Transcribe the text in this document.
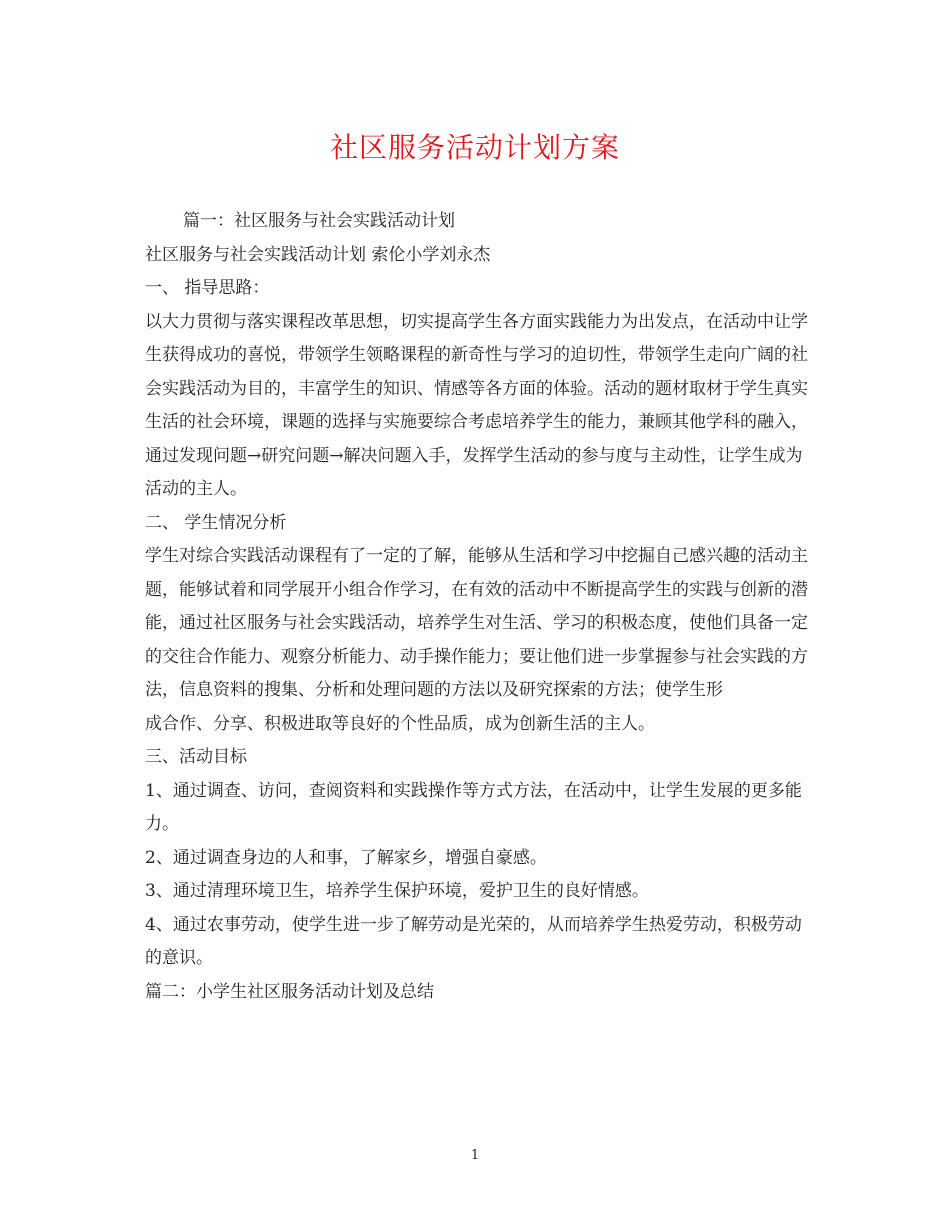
社区服务活动计划方案

篇一：社区服务与社会实践活动计划

社区服务与社会实践活动计划 索伦小学刘永杰

一、 指导思路：

以大力贯彻与落实课程改革思想，切实提高学生各方面实践能力为出发点，在活动中让学生获得成功的喜悦，带领学生领略课程的新奇性与学习的迫切性，带领学生走向广阔的社会实践活动为目的，丰富学生的知识、情感等各方面的体验。活动的题材取材于学生真实生活的社会环境，课题的选择与实施要综合考虑培养学生的能力，兼顾其他学科的融入，通过发现问题→研究问题→解决问题入手，发挥学生活动的参与度与主动性，让学生成为活动的主人。

二、 学生情况分析

学生对综合实践活动课程有了一定的了解，能够从生活和学习中挖掘自己感兴趣的活动主题，能够试着和同学展开小组合作学习，在有效的活动中不断提高学生的实践与创新的潜能，通过社区服务与社会实践活动，培养学生对生活、学习的积极态度，使他们具备一定的交往合作能力、观察分析能力、动手操作能力；要让他们进一步掌握参与社会实践的方法，信息资料的搜集、分析和处理问题的方法以及研究探索的方法；使学生形

成合作、分享、积极进取等良好的个性品质，成为创新生活的主人。

三、活动目标

1、通过调查、访问，查阅资料和实践操作等方式方法，在活动中，让学生发展的更多能力。

2、通过调查身边的人和事，了解家乡，增强自豪感。

3、通过清理环境卫生，培养学生保护环境，爱护卫生的良好情感。

4、通过农事劳动，使学生进一步了解劳动是光荣的，从而培养学生热爱劳动，积极劳动的意识。

篇二：小学生社区服务活动计划及总结

1
